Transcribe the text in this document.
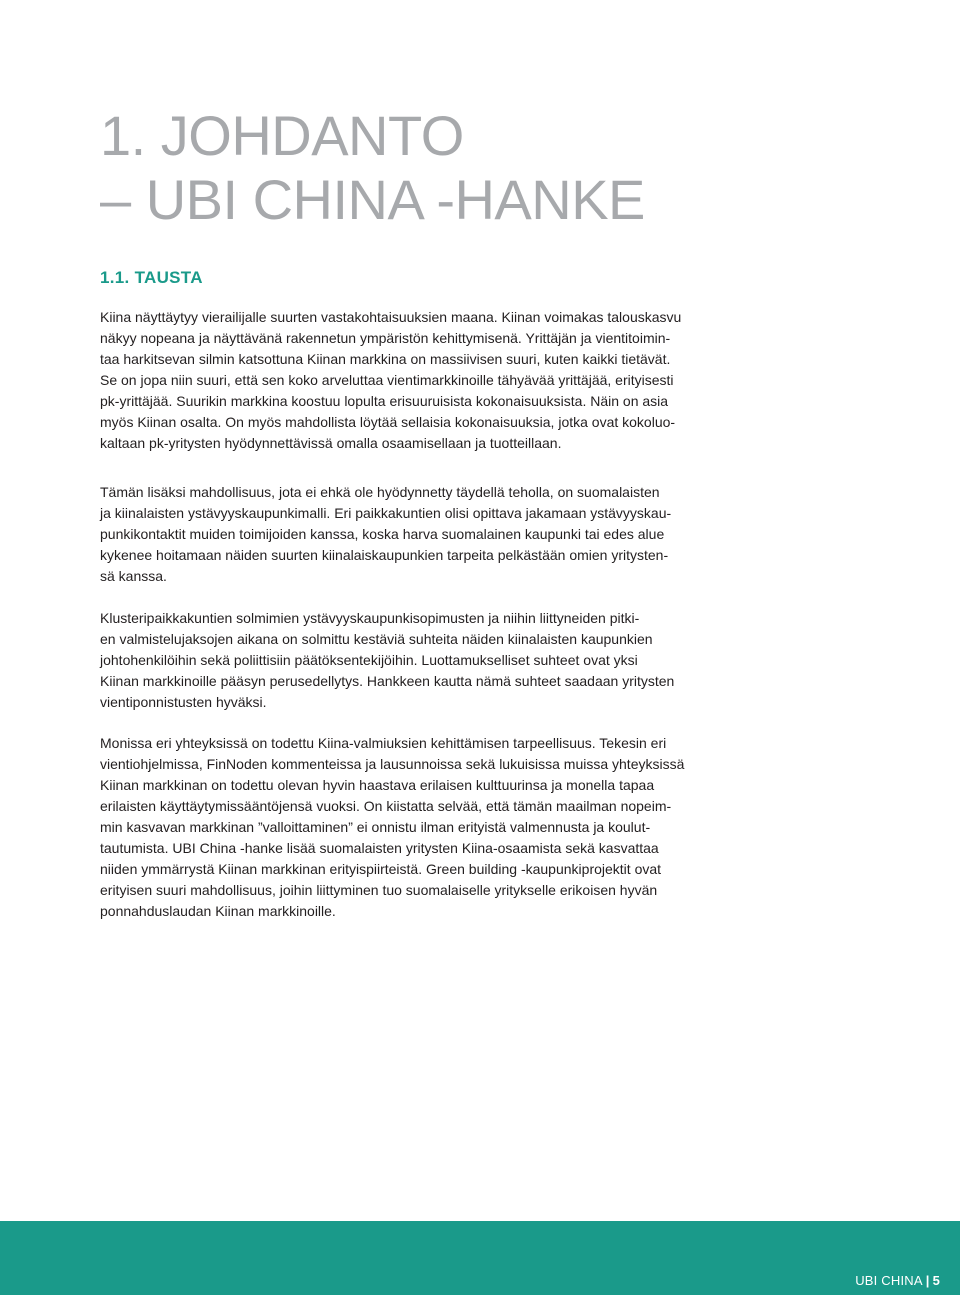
1. JOHDANTO
– UBI CHINA -HANKE
1.1. TAUSTA
Kiina näyttäytyy vierailijalle suurten vastakohtaisuuksien maana. Kiinan voimakas talouskasvu
näkyy nopeana ja näyttävänä rakennetun ympäristön kehittymisenä. Yrittäjän ja vientitoimin-
taa harkitsevan silmin katsottuna Kiinan markkina on massiivisen suuri, kuten kaikki tietävät.
Se on jopa niin suuri, että sen koko arveluttaa vientimarkkinoille tähyävää yrittäjää, erityisesti
pk-yrittäjää. Suurikin markkina koostuu lopulta erisuuruisista kokonaisuuksista. Näin on asia
myös Kiinan osalta. On myös mahdollista löytää sellaisia kokonaisuuksia, jotka ovat kokoluo-
kaltaan pk-yritysten hyödynnettävissä omalla osaamisellaan ja tuotteillaan.
Tämän lisäksi mahdollisuus, jota ei ehkä ole hyödynnetty täydellä teholla, on suomalaisten
ja kiinalaisten ystävyyskaupunkimalli. Eri paikkakuntien olisi opittava jakamaan ystävyyskau-
punkikontaktit muiden toimijoiden kanssa, koska harva suomalainen kaupunki tai edes alue
kykenee hoitamaan näiden suurten kiinalaiskaupunkien tarpeita pelkästään omien yritysten-
sä kanssa.
Klusteripaikkakuntien solmimien ystävyyskaupunkisopimusten ja niihin liittyneiden pitki-
en valmistelujaksojen aikana on solmittu kestäviä suhteita näiden kiinalaisten kaupunkien
johtohenkilöihin sekä poliittisiin päätöksentekijöihin. Luottamukselliset suhteet ovat yksi
Kiinan markkinoille pääsyn perusedellytys. Hankkeen kautta nämä suhteet saadaan yritysten
vientiponnistusten hyväksi.
Monissa eri yhteyksissä on todettu Kiina-valmiuksien kehittämisen tarpeellisuus. Tekesin eri
vientiohjelmissa, FinNoden kommenteissa ja lausunnoissa sekä lukuisissa muissa yhteyksissä
Kiinan markkinan on todettu olevan hyvin haastava erilaisen kulttuurinsa ja monella tapaa
erilaisten käyttäytymissääntöjensä vuoksi. On kiistatta selvää, että tämän maailman nopeim-
min kasvavan markkinan ”valloittaminen” ei onnistu ilman erityistä valmennusta ja koulut-
tautumista. UBI China -hanke lisää suomalaisten yritysten Kiina-osaamista sekä kasvattaa
niiden ymmärrystä Kiinan markkinan erityispiirteistä. Green building -kaupunkiprojektit ovat
erityisen suuri mahdollisuus, joihin liittyminen tuo suomalaiselle yritykselle erikoisen hyvän
ponnahduslaudan Kiinan markkinoille.
UBI CHINA | 5
